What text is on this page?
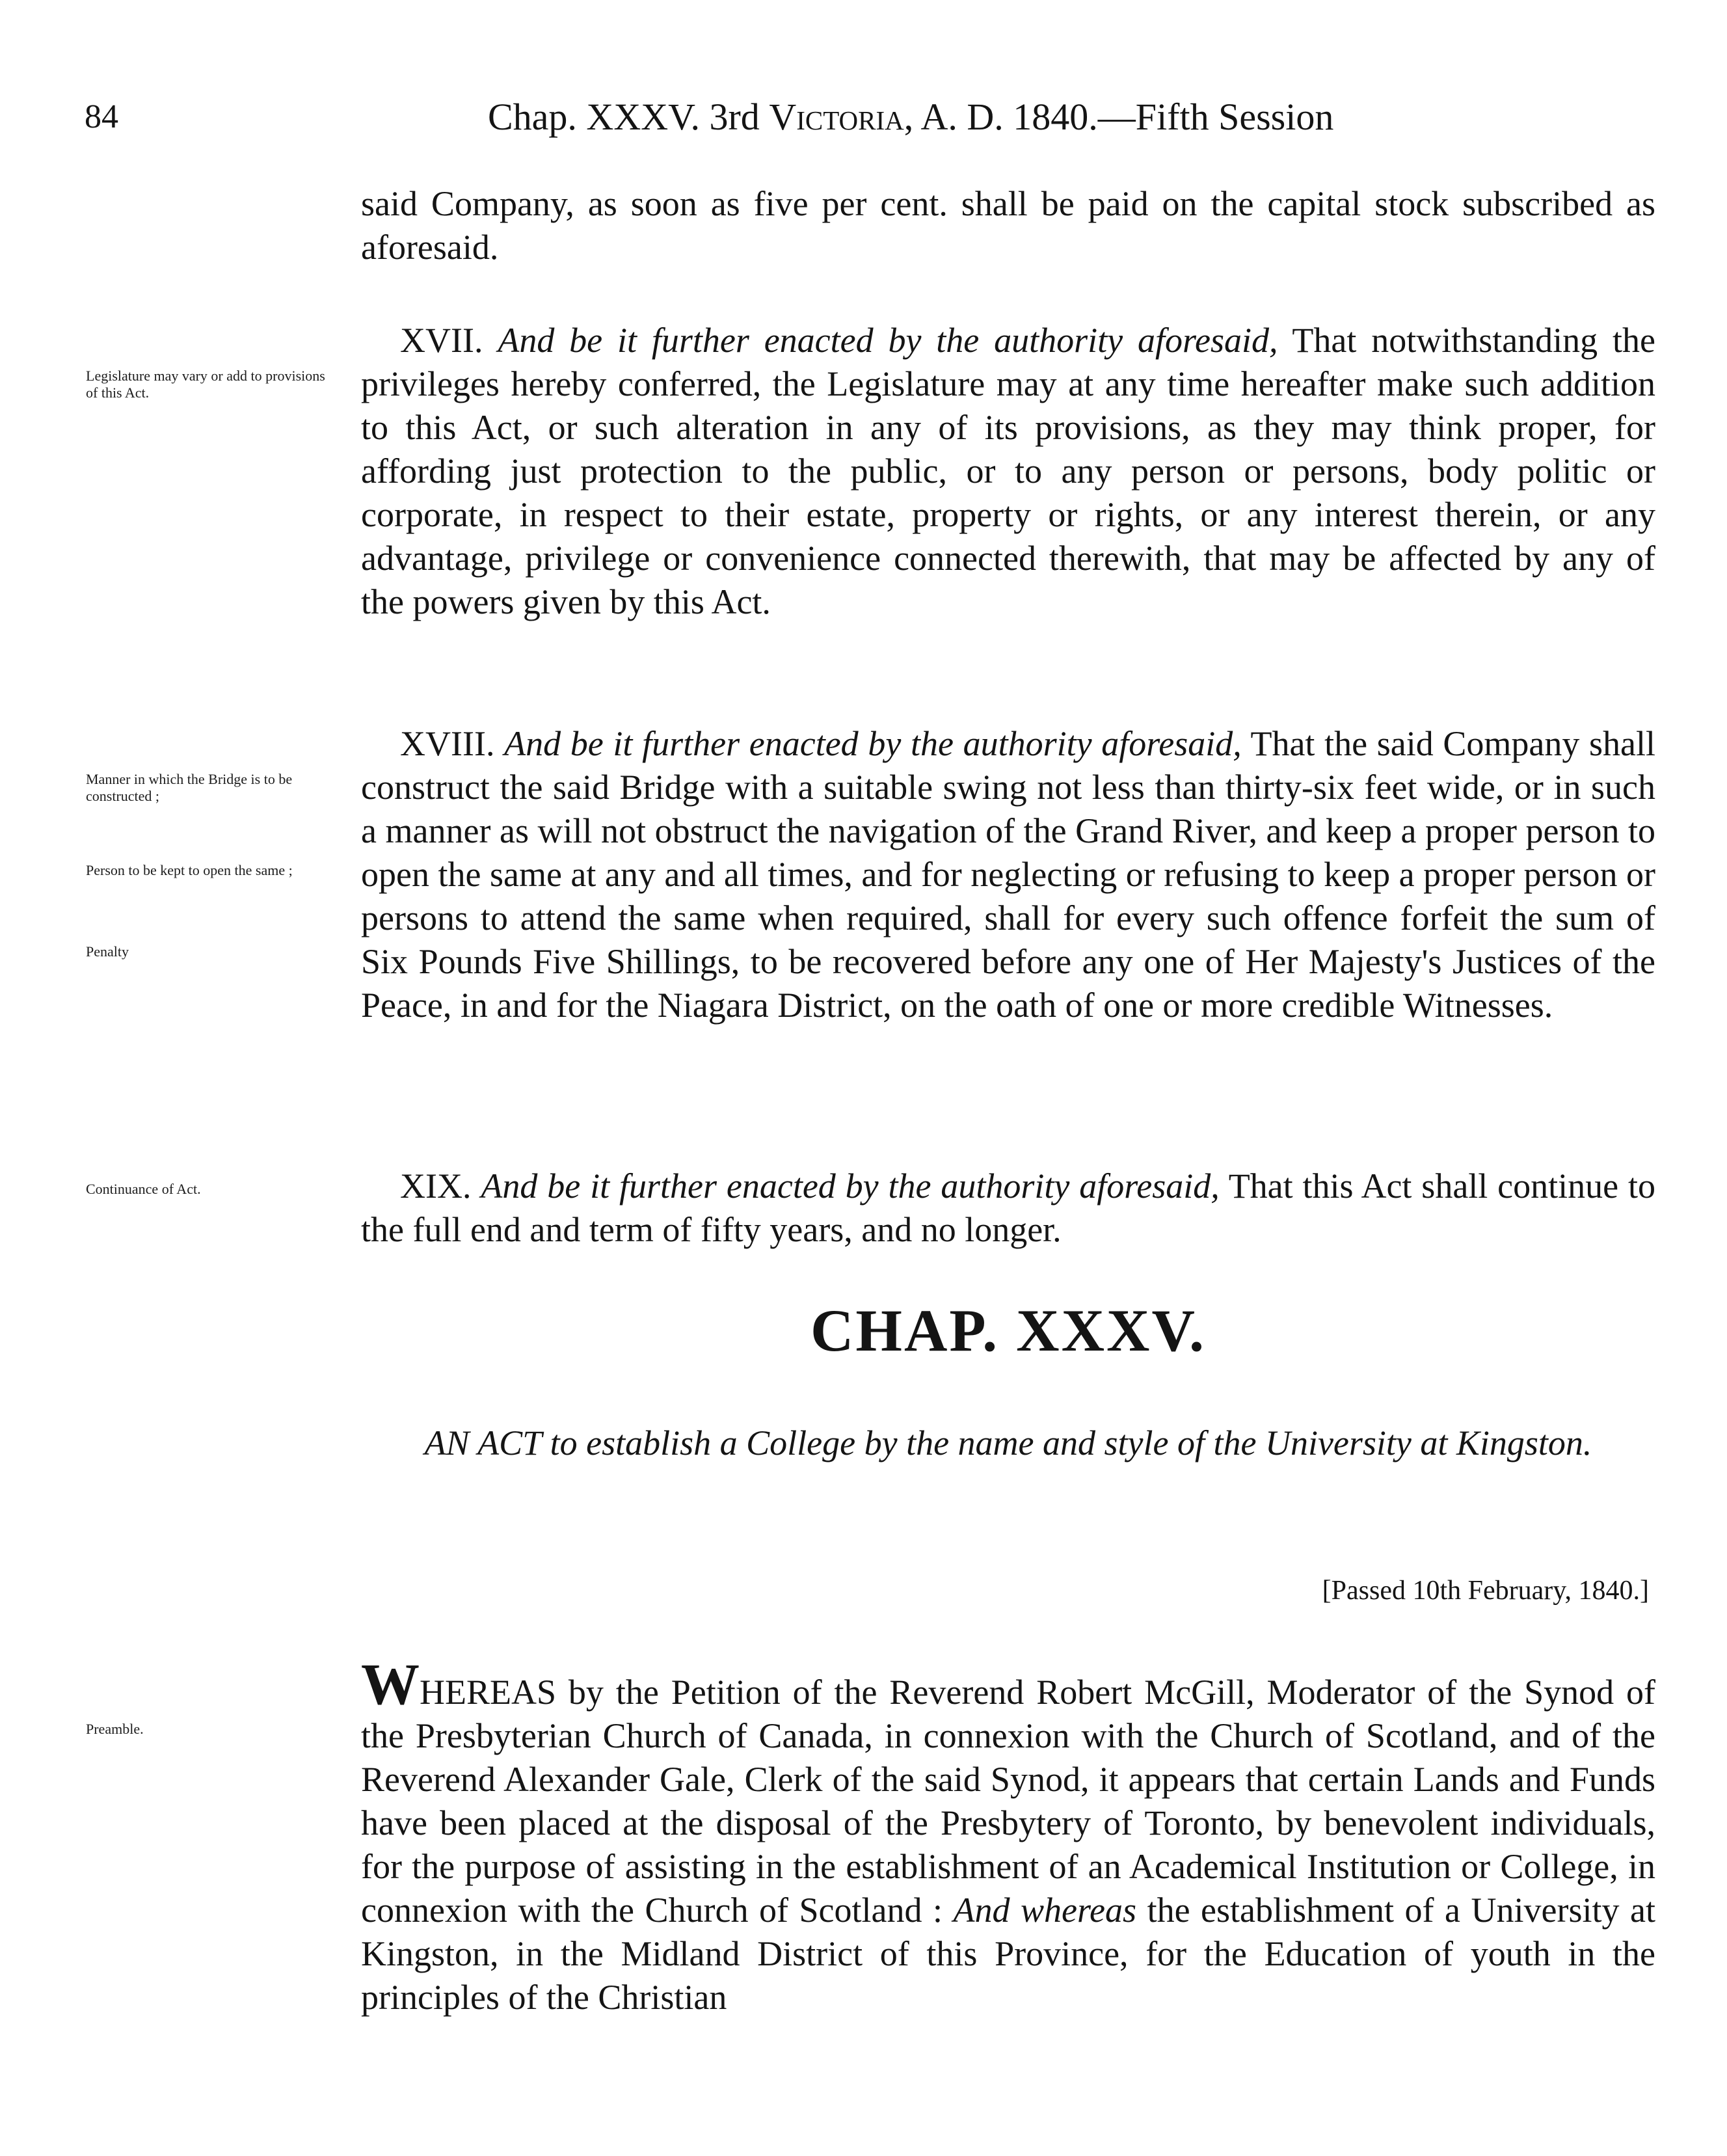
84	Chap. XXXV. 3rd Victoria, A. D. 1840.—Fifth Session

said Company, as soon as five per cent. shall be paid on the capital stock subscribed as aforesaid.

Legislature may vary or add to provisions of this Act.

XVII. And be it further enacted by the authority aforesaid, That notwithstanding the privileges hereby conferred, the Legislature may at any time hereafter make such addition to this Act, or such alteration in any of its provisions, as they may think proper, for affording just protection to the public, or to any person or persons, body politic or corporate, in respect to their estate, property or rights, or any interest therein, or any advantage, privilege or convenience connected therewith, that may be affected by any of the powers given by this Act.

Manner in which the Bridge is to be constructed ;
Person to be kept to open the same ;
Penalty

XVIII. And be it further enacted by the authority aforesaid, That the said Company shall construct the said Bridge with a suitable swing not less than thirty-six feet wide, or in such a manner as will not obstruct the navigation of the Grand River, and keep a proper person to open the same at any and all times, and for neglecting or refusing to keep a proper person or persons to attend the same when required, shall for every such offence forfeit the sum of Six Pounds Five Shillings, to be recovered before any one of Her Majesty's Justices of the Peace, in and for the Niagara District, on the oath of one or more credible Witnesses.

Continuance of Act.	XIX. And be it further enacted by the authority aforesaid, That this Act shall continue to the full end and term of fifty years, and no longer.

CHAP. XXXV.
AN ACT to establish a College by the name and style of the University at Kingston.
[Passed 10th February, 1840.]
Preamble.

WHEREAS by the Petition of the Reverend Robert McGill, Moderator of the Synod of the Presbyterian Church of Canada, in connexion with the Church of Scotland, and of the Reverend Alexander Gale, Clerk of the said Synod, it appears that certain Lands and Funds have been placed at the disposal of the Presbytery of Toronto, by benevolent individuals, for the purpose of assisting in the establishment of an Academical Institution or College, in connexion with the Church of Scotland : And whereas the establishment of a University at Kingston, in the Midland District of this Province, for the Education of youth in the principles of the Christian
